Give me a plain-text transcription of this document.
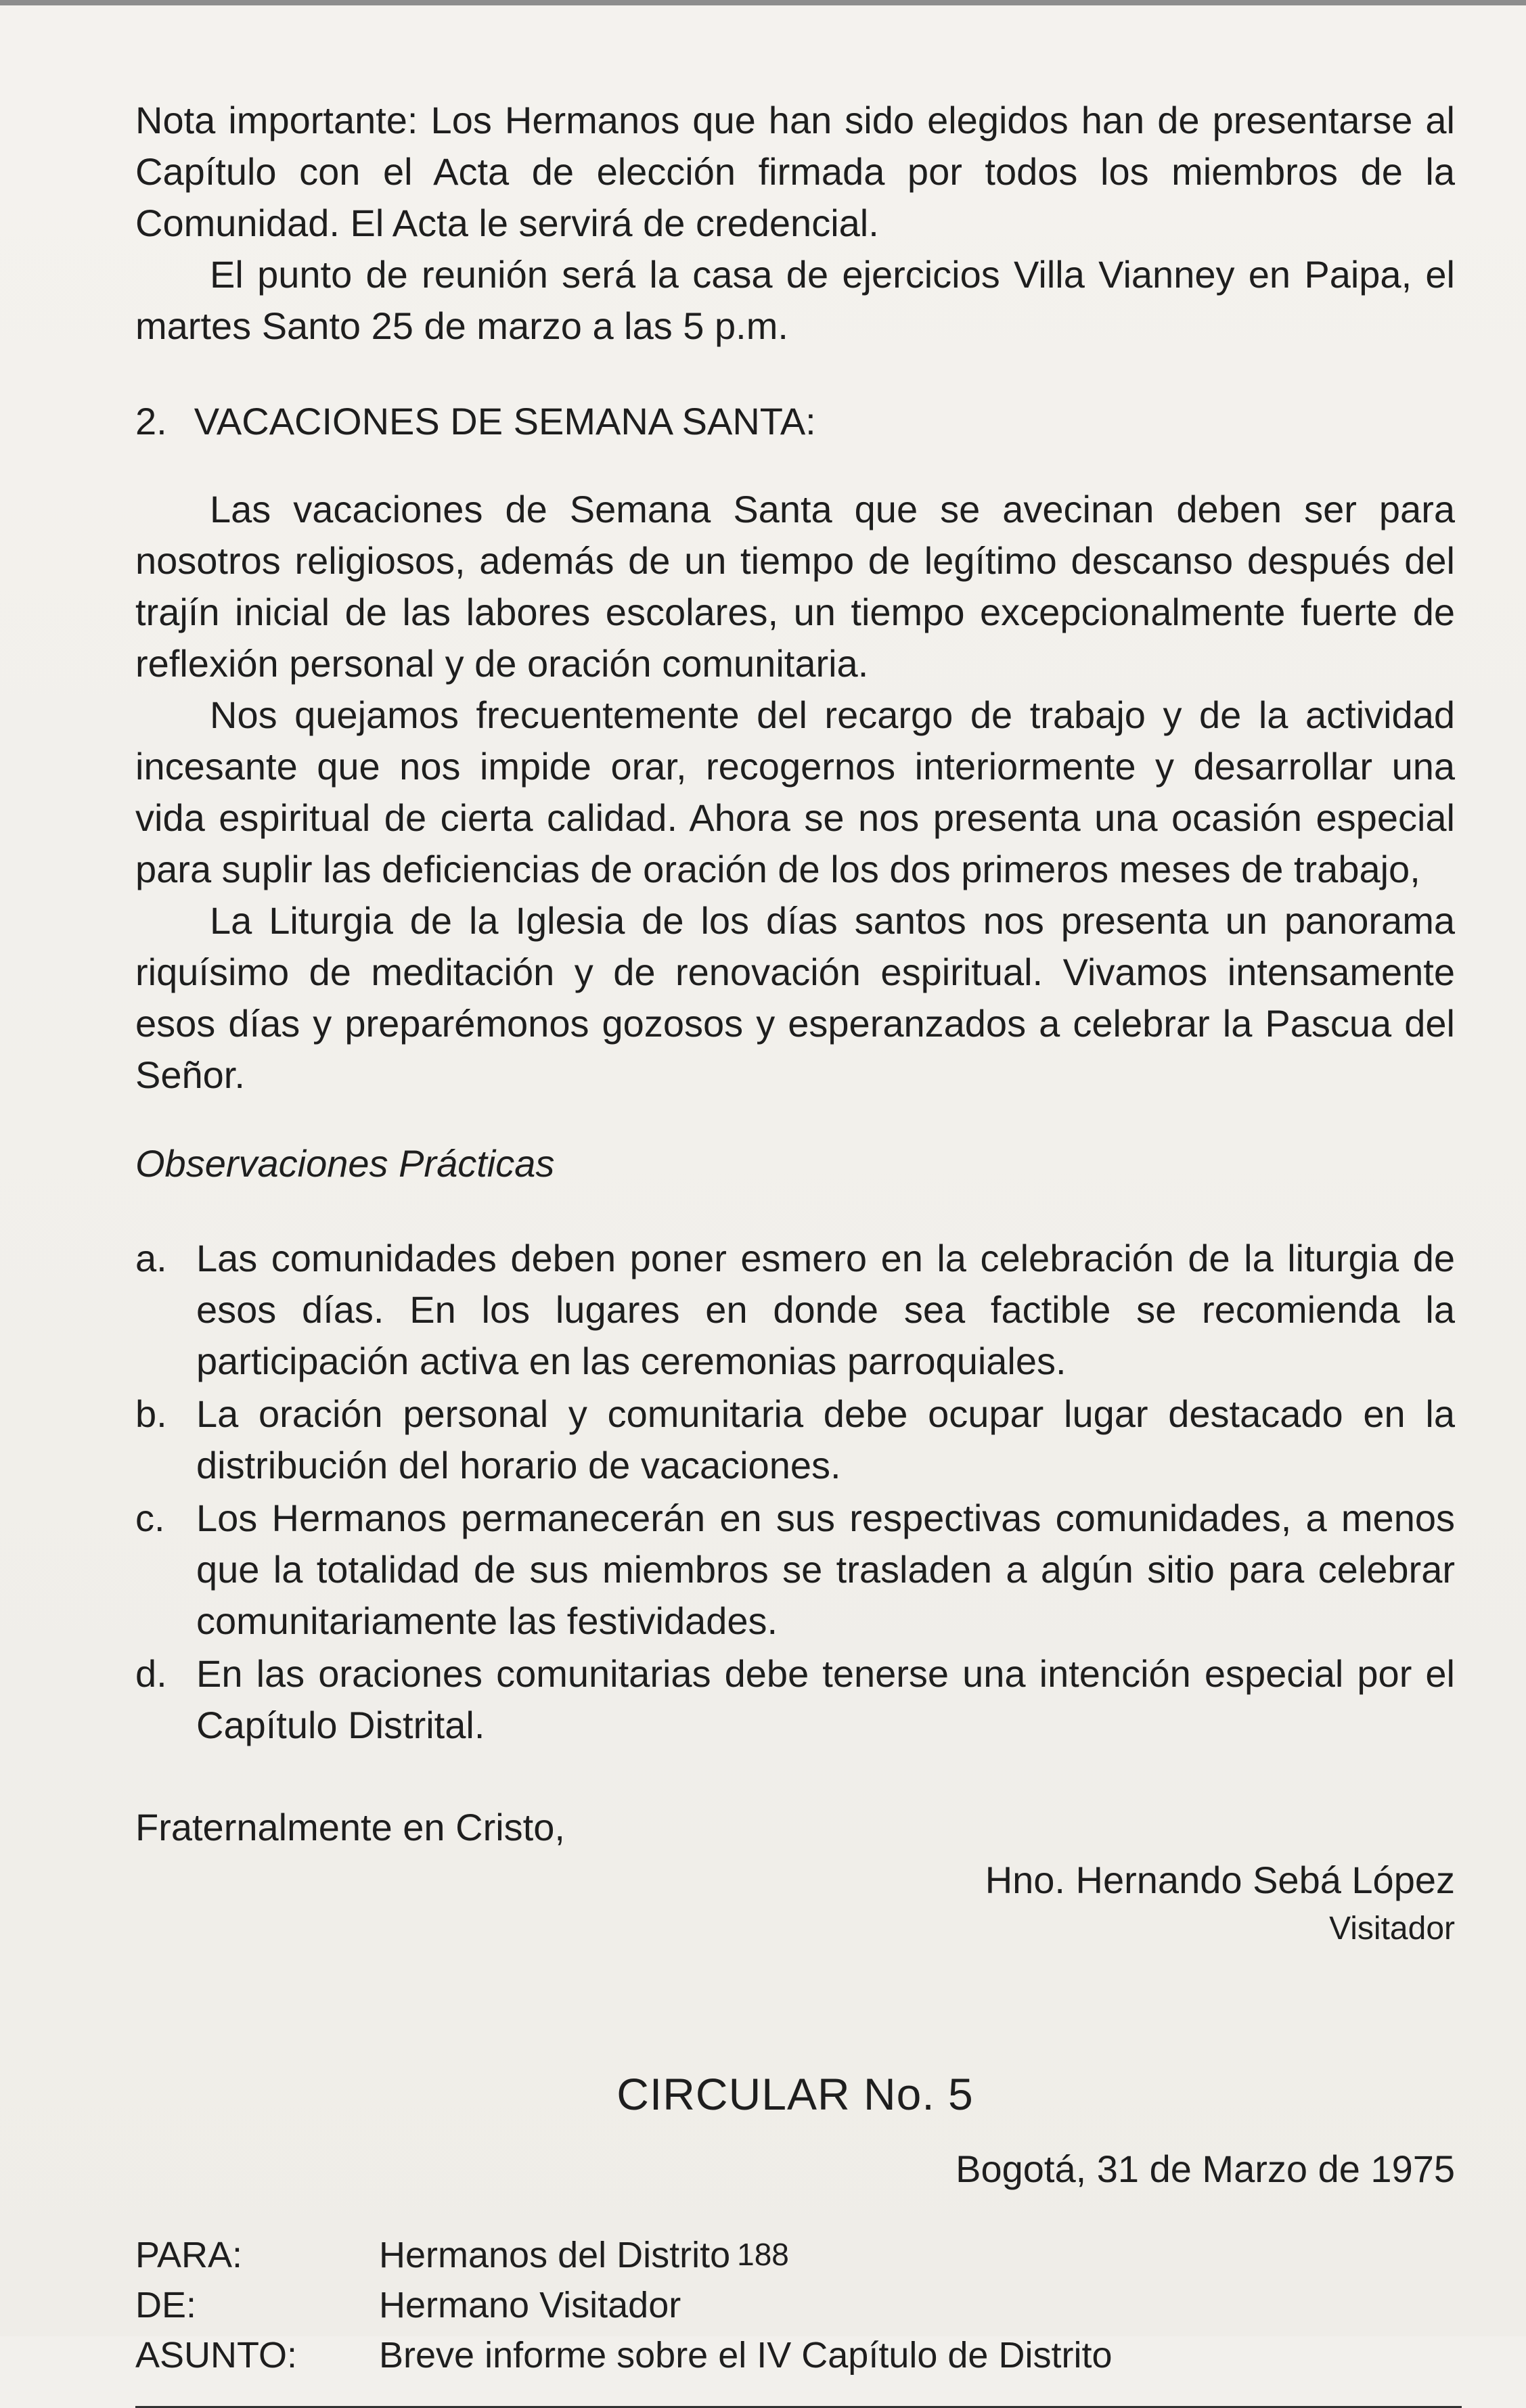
Nota importante: Los Hermanos que han sido elegidos han de presentarse al Capítulo con el Acta de elección firmada por todos los miembros de la Comunidad. El Acta le servirá de credencial.

El punto de reunión será la casa de ejercicios Villa Vianney en Paipa, el martes Santo 25 de marzo a las 5 p.m.

2. VACACIONES DE SEMANA SANTA:

Las vacaciones de Semana Santa que se avecinan deben ser para nosotros religiosos, además de un tiempo de legítimo descanso después del trajín inicial de las labores escolares, un tiempo excepcionalmente fuerte de reflexión personal y de oración comunitaria.

Nos quejamos frecuentemente del recargo de trabajo y de la actividad incesante que nos impide orar, recogernos interiormente y desarrollar una vida espiritual de cierta calidad. Ahora se nos presenta una ocasión especial para suplir las deficiencias de oración de los dos primeros meses de trabajo,

La Liturgia de la Iglesia de los días santos nos presenta un panorama riquísimo de meditación y de renovación espiritual. Vivamos intensamente esos días y preparémonos gozosos y esperanzados a celebrar la Pascua del Señor.

Observaciones Prácticas
a. Las comunidades deben poner esmero en la celebración de la liturgia de esos días. En los lugares en donde sea factible se recomienda la participación activa en las ceremonias parroquiales.
b. La oración personal y comunitaria debe ocupar lugar destacado en la distribución del horario de vacaciones.
c. Los Hermanos permanecerán en sus respectivas comunidades, a menos que la totalidad de sus miembros se trasladen a algún sitio para celebrar comunitariamente las festividades.
d. En las oraciones comunitarias debe tenerse una intención especial por el Capítulo Distrital.
Fraternalmente en Cristo,
Hno. Hernando Sebá López
Visitador
CIRCULAR No. 5
Bogotá, 31 de Marzo de 1975
PARA:	Hermanos del Distrito
DE:	Hermano Visitador
ASUNTO:	Breve informe sobre el IV Capítulo de Distrito
188
